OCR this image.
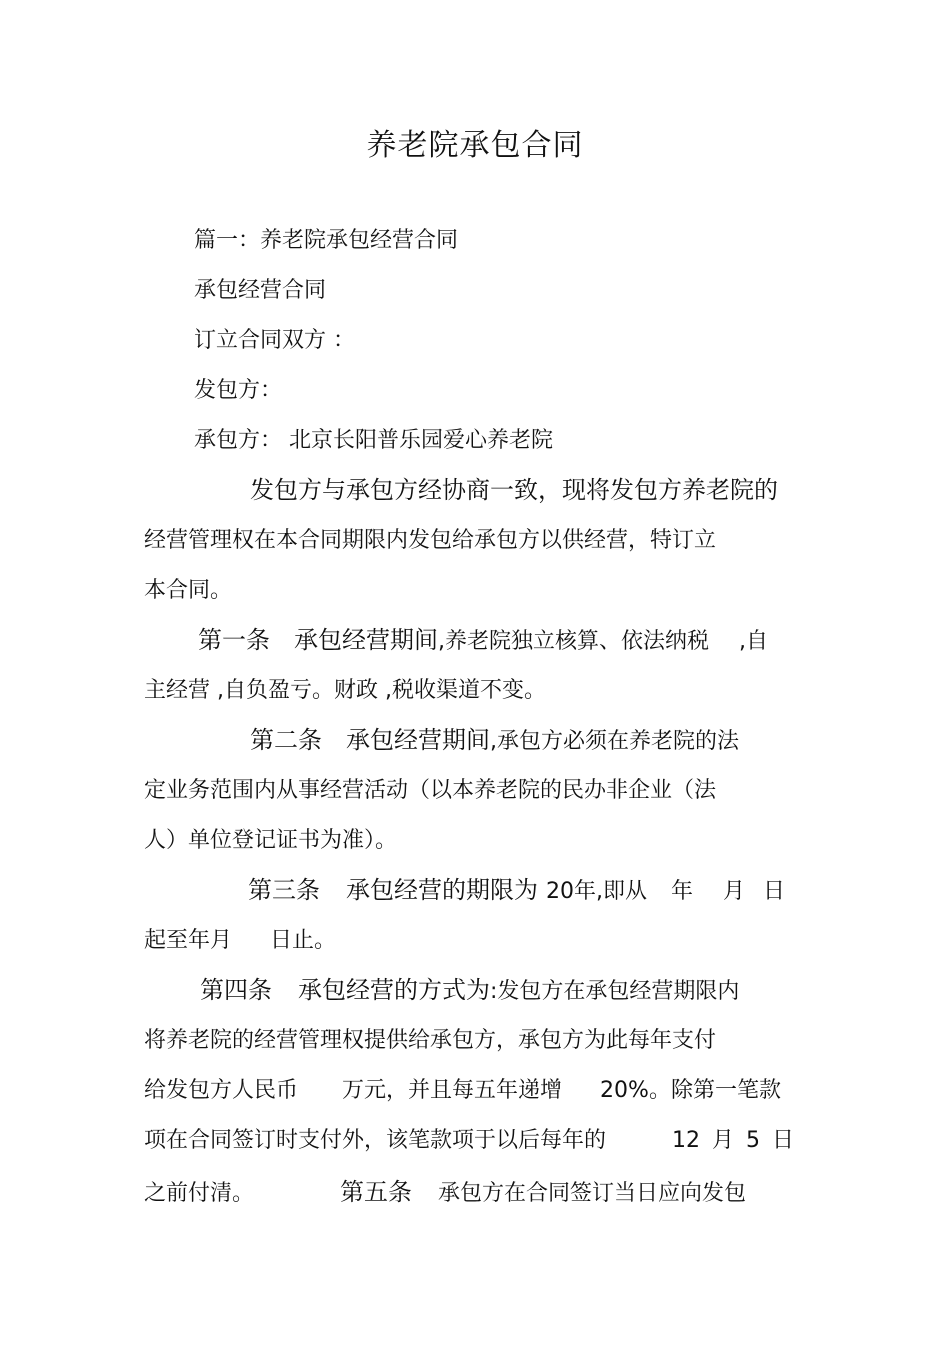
养老院承包合同
篇一：养老院承包经营合同
承包经营合同
订立合同双方 ：
发包方：
承包方： 北京长阳普乐园爱心养老院
发包方与承包方经协商一致，现将发包方养老院的
经营管理权在本合同期限内发包给承包方以供经营，特订立
本合同。
第一条 承包经营期间,养老院独立核算、依法纳税 ,自
主经营 ,自负盈亏。财政 ,税收渠道不变。
第二条 承包经营期间,承包方必须在养老院的法
定业务范围内从事经营活动（以本养老院的民办非企业（法
人）单位登记证书为准）。
第三条 承包经营的期限为 20年,即从 年 月 日
起至年月 日止。
第四条 承包经营的方式为:发包方在承包经营期限内
将养老院的经营管理权提供给承包方，承包方为此每年支付
给发包方人民币 万元，并且每五年递增 20%。除第一笔款
项在合同签订时支付外，该笔款项于以后每年的	12 月 5 日
之前付清。	第五条 承包方在合同签订当日应向发包
